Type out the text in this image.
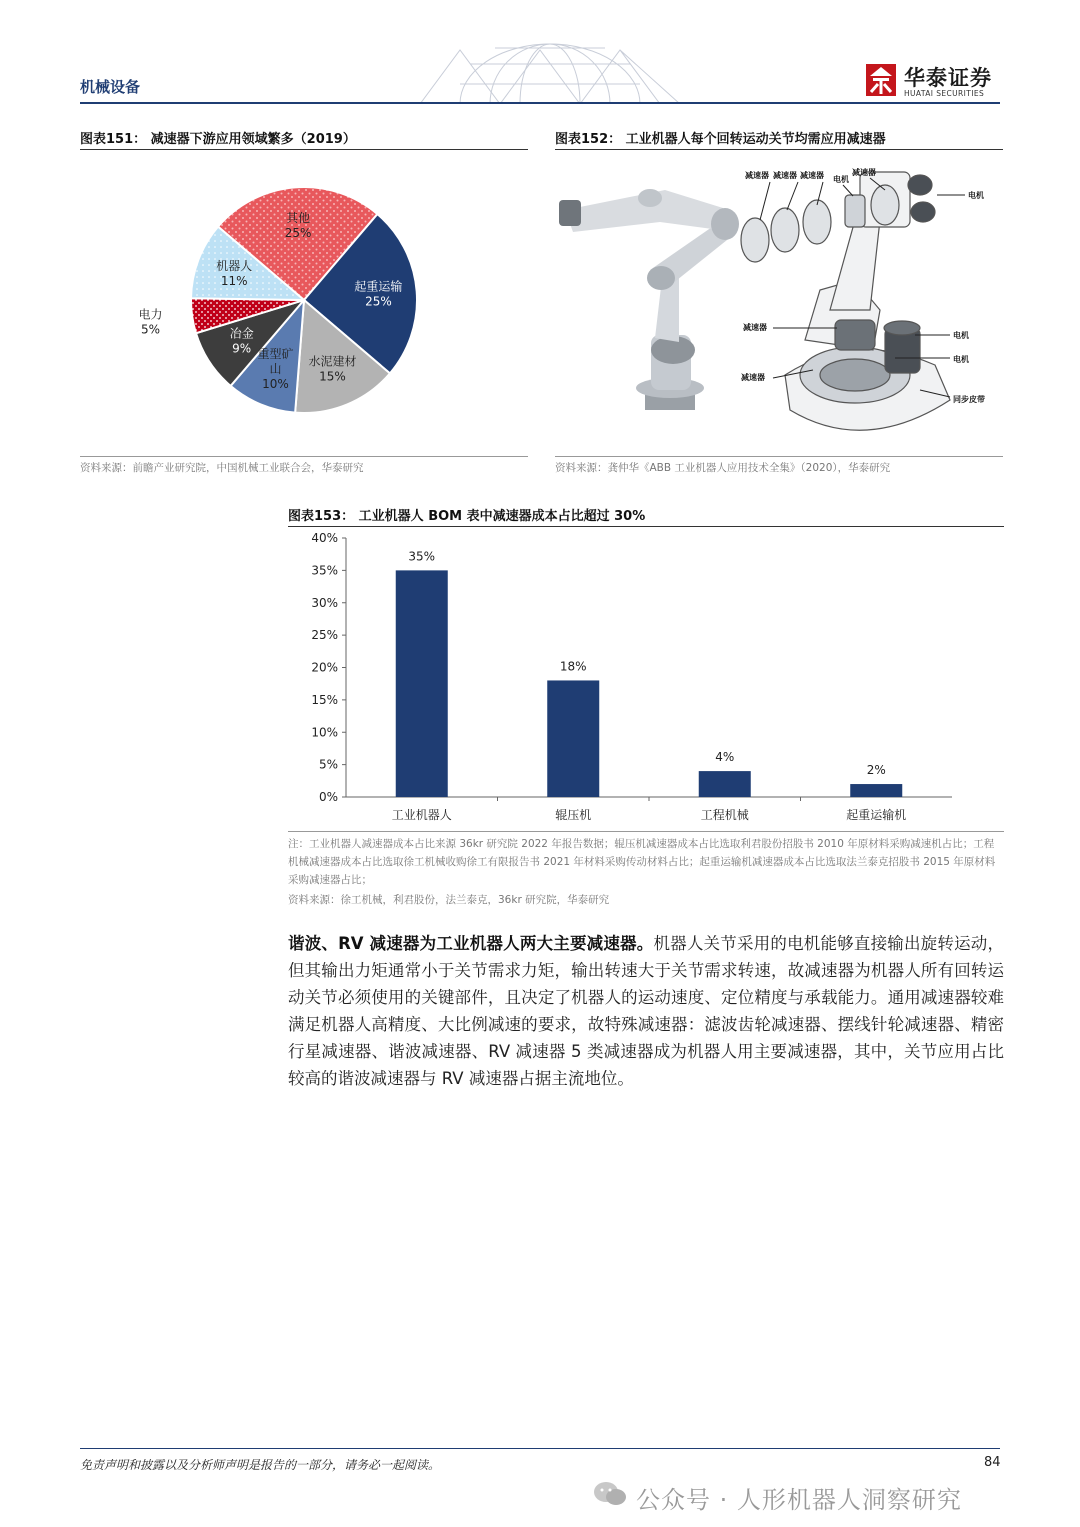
机械设备	华泰证券
HUATAI SECURITIES
图表151： 减速器下游应用领域繁多（2019）
其他 25%
起重运输 25%
水泥建材 15%
重型矿山 10%
冶金 9%
电力 5%
机器人 11%
资料来源：前瞻产业研究院，中国机械工业联合会，华泰研究
图表152： 工业机器人每个回转运动关节均需应用减速器
减速器 减速器 减速器 电机
减速器
电机
减速器
电机
电机
减速器
同步皮带
资料来源：龚仲华《ABB 工业机器人应用技术全集》（2020），华泰研究
图表153： 工业机器人 BOM 表中减速器成本占比超过 30%
0%
5%
10%
15%
20%
25%
30%
35%
40%
35%
工业机器人
18%
辊压机
4%
工程机械
2%
起重运输机
注：工业机器人减速器成本占比来源 36kr 研究院 2022 年报告数据；辊压机减速器成本占比选取利君股份招股书 2010 年原材料采购减速机占比；工程机械减速器成本占比选取徐工机械收购徐工有限报告书 2021 年材料采购传动材料占比；起重运输机减速器成本占比选取法兰泰克招股书 2015 年原材料采购减速器占比；
资料来源：徐工机械，利君股份，法兰泰克，36kr 研究院，华泰研究
谐波、RV 减速器为工业机器人两大主要减速器。机器人关节采用的电机能够直接输出旋转运动，但其输出力矩通常小于关节需求力矩，输出转速大于关节需求转速，故减速器为机器人所有回转运动关节必须使用的关键部件，且决定了机器人的运动速度、定位精度与承载能力。通用减速器较难满足机器人高精度、大比例减速的要求，故特殊减速器：滤波齿轮减速器、摆线针轮减速器、精密行星减速器、谐波减速器、RV 减速器 5 类减速器成为机器人用主要减速器，其中，关节应用占比较高的谐波减速器与 RV 减速器占据主流地位。
免责声明和披露以及分析师声明是报告的一部分，请务必一起阅读。	84
公众号 · 人形机器人洞察研究
